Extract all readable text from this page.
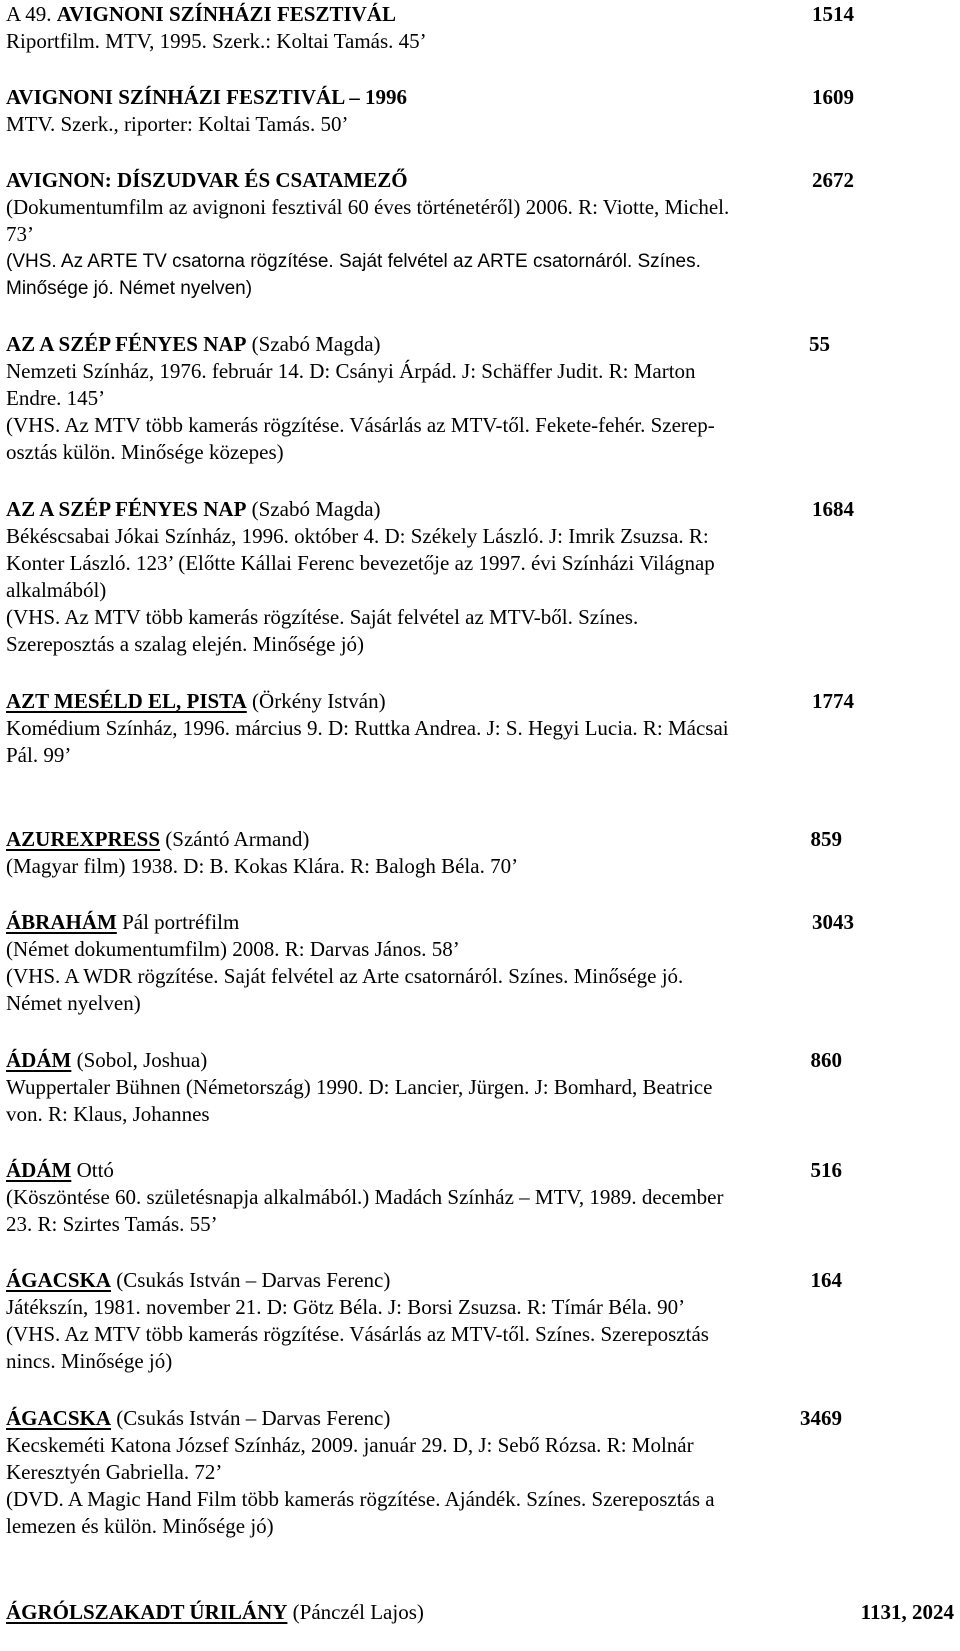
A 49. AVIGNONI SZÍNHÁZI FESZTIVÁL	1514
Riportfilm. MTV, 1995. Szerk.: Koltai Tamás. 45’
AVIGNONI SZÍNHÁZI FESZTIVÁL – 1996	1609
MTV. Szerk., riporter: Koltai Tamás. 50’
AVIGNON: DÍSZUDVAR ÉS CSATAMEZŐ	2672
(Dokumentumfilm az avignoni fesztivál 60 éves történetéről) 2006. R: Viotte, Michel.
73’
(VHS. Az ARTE TV csatorna rögzítése. Saját felvétel az ARTE csatornáról. Színes.
Minősége jó. Német nyelven)
AZ A SZÉP FÉNYES NAP (Szabó Magda)	55
Nemzeti Színház, 1976. február 14. D: Csányi Árpád. J: Schäffer Judit. R: Marton
Endre. 145’
(VHS. Az MTV több kamerás rögzítése. Vásárlás az MTV-től. Fekete-fehér. Szerep-
osztás külön. Minősége közepes)
AZ A SZÉP FÉNYES NAP (Szabó Magda)	1684
Békéscsabai Jókai Színház, 1996. október 4. D: Székely László. J: Imrik Zsuzsa. R:
Konter László. 123’ (Előtte Kállai Ferenc bevezetője az 1997. évi Színházi Világnap
alkalmából)
(VHS. Az MTV több kamerás rögzítése. Saját felvétel az MTV-ből. Színes.
Szereposztás a szalag elején. Minősége jó)
AZT MESÉLD EL, PISTA (Örkény István)	1774
Komédium Színház, 1996. március 9. D: Ruttka Andrea. J: S. Hegyi Lucia. R: Mácsai
Pál. 99’
AZUREXPRESS (Szántó Armand)	859
(Magyar film) 1938. D: B. Kokas Klára. R: Balogh Béla. 70’
ÁBRAHÁM Pál portréfilm	3043
(Német dokumentumfilm) 2008. R: Darvas János. 58’
(VHS. A WDR rögzítése. Saját felvétel az Arte csatornáról. Színes. Minősége jó.
Német nyelven)
ÁDÁM (Sobol, Joshua)	860
Wuppertaler Bühnen (Németország) 1990. D: Lancier, Jürgen. J: Bomhard, Beatrice
von. R: Klaus, Johannes
ÁDÁM Ottó	516
(Köszöntése 60. születésnapja alkalmából.) Madách Színház – MTV, 1989. december
23. R: Szirtes Tamás. 55’
ÁGACSKA (Csukás István – Darvas Ferenc)	164
Játékszín, 1981. november 21. D: Götz Béla. J: Borsi Zsuzsa. R: Tímár Béla. 90’
(VHS. Az MTV több kamerás rögzítése. Vásárlás az MTV-től. Színes. Szereposztás
nincs. Minősége jó)
ÁGACSKA (Csukás István – Darvas Ferenc)	3469
Kecskeméti Katona József Színház, 2009. január 29. D, J: Sebő Rózsa. R: Molnár
Keresztyén Gabriella. 72’
(DVD. A Magic Hand Film több kamerás rögzítése. Ajándék. Színes. Szereposztás a
lemezen és külön. Minősége jó)
ÁGRÓLSZAKADT ÚRILÁNY (Pánczél Lajos)	1131, 2024
